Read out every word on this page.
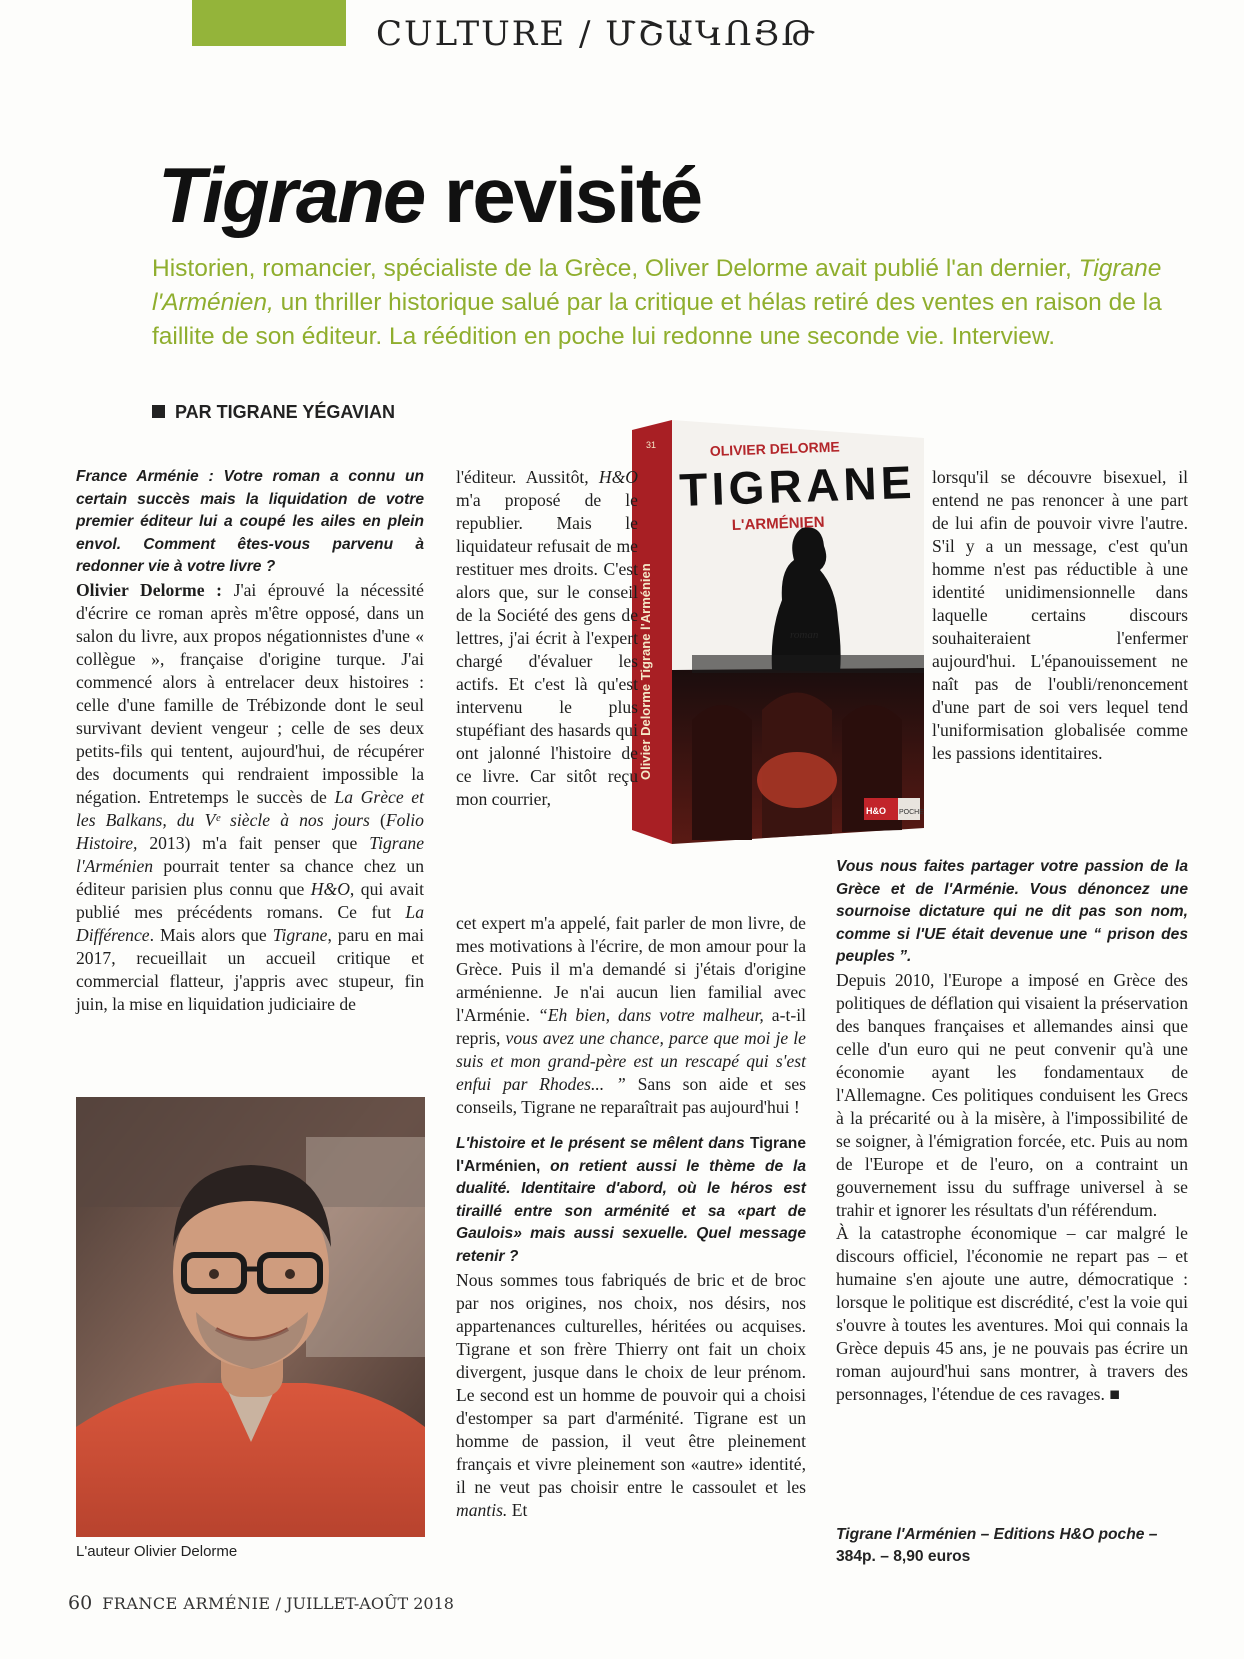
CULTURE / ՄՇԱԿՈՅԹ
Tigrane revisité
Historien, romancier, spécialiste de la Grèce, Oliver Delorme avait publié l'an dernier, Tigrane l'Arménien, un thriller historique salué par la critique et hélas retiré des ventes en raison de la faillite de son éditeur. La réédition en poche lui redonne une seconde vie. Interview.
PAR TIGRANE YÉGAVIAN

France Arménie : Votre roman a connu un certain succès mais la liquidation de votre premier éditeur lui a coupé les ailes en plein envol. Comment êtes-vous parvenu à redonner vie à votre livre ?

Olivier Delorme : J'ai éprouvé la nécessité d'écrire ce roman après m'être opposé, dans un salon du livre, aux propos négationnistes d'une « collègue », française d'origine turque. J'ai commencé alors à entrelacer deux histoires : celle d'une famille de Trébizonde dont le seul survivant devient vengeur ; celle de ses deux petits-fils qui tentent, aujourd'hui, de récupérer des documents qui rendraient impossible la négation. Entretemps le succès de La Grèce et les Balkans, du Vᵉ siècle à nos jours (Folio Histoire, 2013) m'a fait penser que Tigrane l'Arménien pourrait tenter sa chance chez un éditeur parisien plus connu que H&O, qui avait publié mes précédents romans. Ce fut La Différence. Mais alors que Tigrane, paru en mai 2017, recueillait un accueil critique et commercial flatteur, j'appris avec stupeur, fin juin, la mise en liquidation judiciaire de

L'auteur Olivier Delorme
Olivier Delorme Tigrane l'Arménien
31	OLIVIER DELORME
TIGRANE
L'ARMÉNIEN
roman
H&O POCHE

l'éditeur. Aussitôt, H&O m'a proposé de le republier. Mais le liquidateur refusait de me restituer mes droits. C'est alors que, sur le conseil de la Société des gens de lettres, j'ai écrit à l'expert chargé d'évaluer les actifs. Et c'est là qu'est intervenu le plus stupéfiant des hasards qui ont jalonné l'histoire de ce livre. Car sitôt reçu mon courrier,

cet expert m'a appelé, fait parler de mon livre, de mes motivations à l'écrire, de mon amour pour la Grèce. Puis il m'a demandé si j'étais d'origine arménienne. Je n'ai aucun lien familial avec l'Arménie. “Eh bien, dans votre malheur, a-t-il repris, vous avez une chance, parce que moi je le suis et mon grand-père est un rescapé qui s'est enfui par Rhodes... ” Sans son aide et ses conseils, Tigrane ne reparaîtrait pas aujourd'hui !

L'histoire et le présent se mêlent dans Tigrane l'Arménien, on retient aussi le thème de la dualité. Identitaire d'abord, où le héros est tiraillé entre son arménité et sa «part de Gaulois» mais aussi sexuelle. Quel message retenir ?

Nous sommes tous fabriqués de bric et de broc par nos origines, nos choix, nos désirs, nos appartenances culturelles, héritées ou acquises. Tigrane et son frère Thierry ont fait un choix divergent, jusque dans le choix de leur prénom. Le second est un homme de pouvoir qui a choisi d'estomper sa part d'arménité. Tigrane est un homme de passion, il veut être pleinement français et vivre pleinement son «autre» identité, il ne veut pas choisir entre le cassoulet et les mantis. Et

lorsqu'il se découvre bisexuel, il entend ne pas renoncer à une part de lui afin de pouvoir vivre l'autre. S'il y a un message, c'est qu'un homme n'est pas réductible à une identité unidimensionnelle dans laquelle certains discours souhaiteraient l'enfermer aujourd'hui. L'épanouissement ne naît pas de l'oubli/renoncement d'une part de soi vers lequel tend l'uniformisation globalisée comme les passions identitaires.

Vous nous faites partager votre passion de la Grèce et de l'Arménie. Vous dénoncez une sournoise dictature qui ne dit pas son nom, comme si l'UE était devenue une “ prison des peuples ”.

Depuis 2010, l'Europe a imposé en Grèce des politiques de déflation qui visaient la préservation des banques françaises et allemandes ainsi que celle d'un euro qui ne peut convenir qu'à une économie ayant les fondamentaux de l'Allemagne. Ces politiques conduisent les Grecs à la précarité ou à la misère, à l'impossibilité de se soigner, à l'émigration forcée, etc. Puis au nom de l'Europe et de l'euro, on a contraint un gouvernement issu du suffrage universel à se trahir et ignorer les résultats d'un référendum.

À la catastrophe économique – car malgré le discours officiel, l'économie ne repart pas – et humaine s'en ajoute une autre, démocratique : lorsque le politique est discrédité, c'est la voie qui s'ouvre à toutes les aventures. Moi qui connais la Grèce depuis 45 ans, je ne pouvais pas écrire un roman aujourd'hui sans montrer, à travers des personnages, l'étendue de ces ravages. ■

Tigrane l'Arménien – Editions H&O poche – 384p. – 8,90 euros
60 FRANCE ARMÉNIE / JUILLET-AOÛT 2018
